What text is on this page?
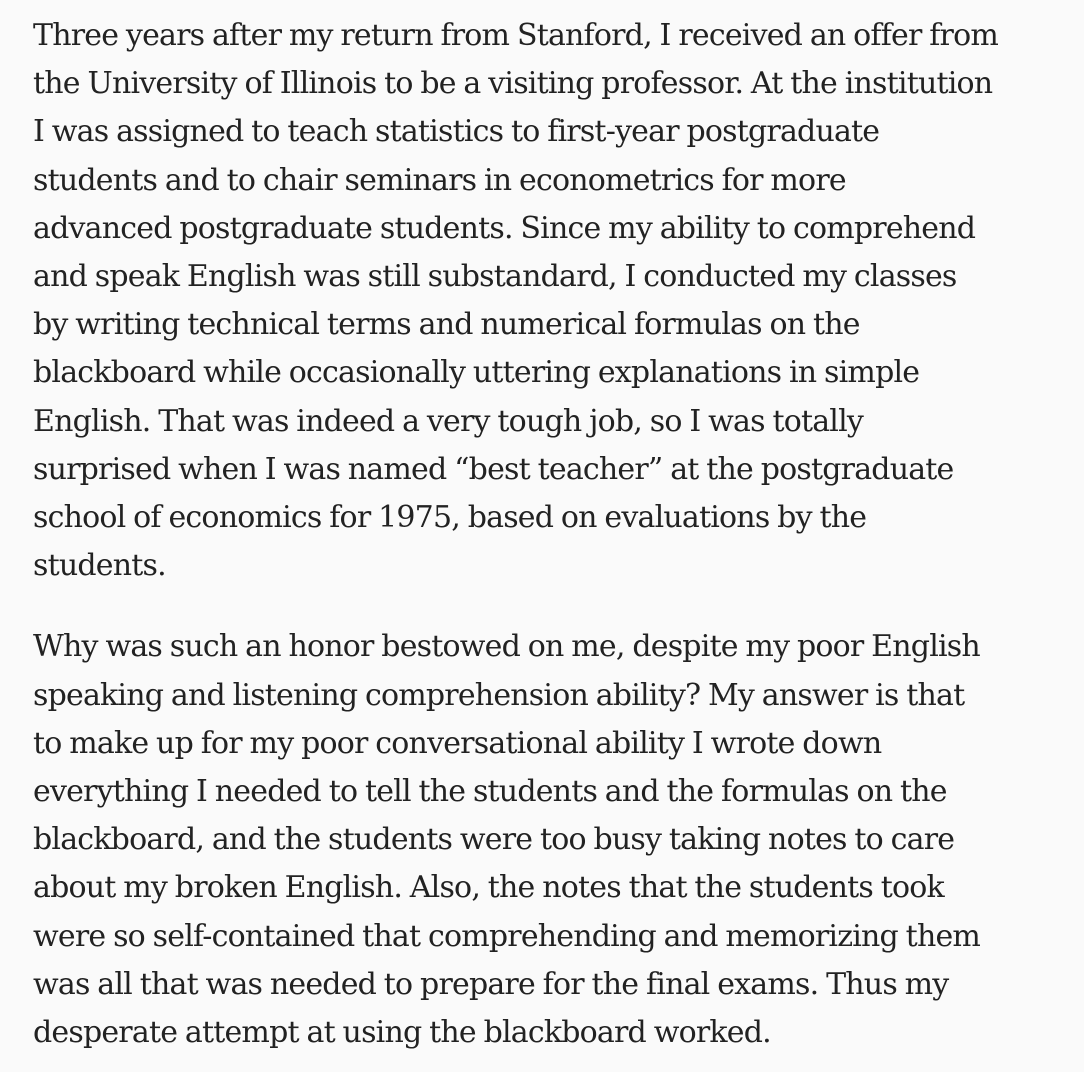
Three years after my return from Stanford, I received an offer from
the University of Illinois to be a visiting professor. At the institution
I was assigned to teach statistics to first-year postgraduate
students and to chair seminars in econometrics for more
advanced postgraduate students. Since my ability to comprehend
and speak English was still substandard, I conducted my classes
by writing technical terms and numerical formulas on the
blackboard while occasionally uttering explanations in simple
English. That was indeed a very tough job, so I was totally
surprised when I was named “best teacher” at the postgraduate
school of economics for 1975, based on evaluations by the
students.

Why was such an honor bestowed on me, despite my poor English
speaking and listening comprehension ability? My answer is that
to make up for my poor conversational ability I wrote down
everything I needed to tell the students and the formulas on the
blackboard, and the students were too busy taking notes to care
about my broken English. Also, the notes that the students took
were so self-contained that comprehending and memorizing them
was all that was needed to prepare for the final exams. Thus my
desperate attempt at using the blackboard worked.
